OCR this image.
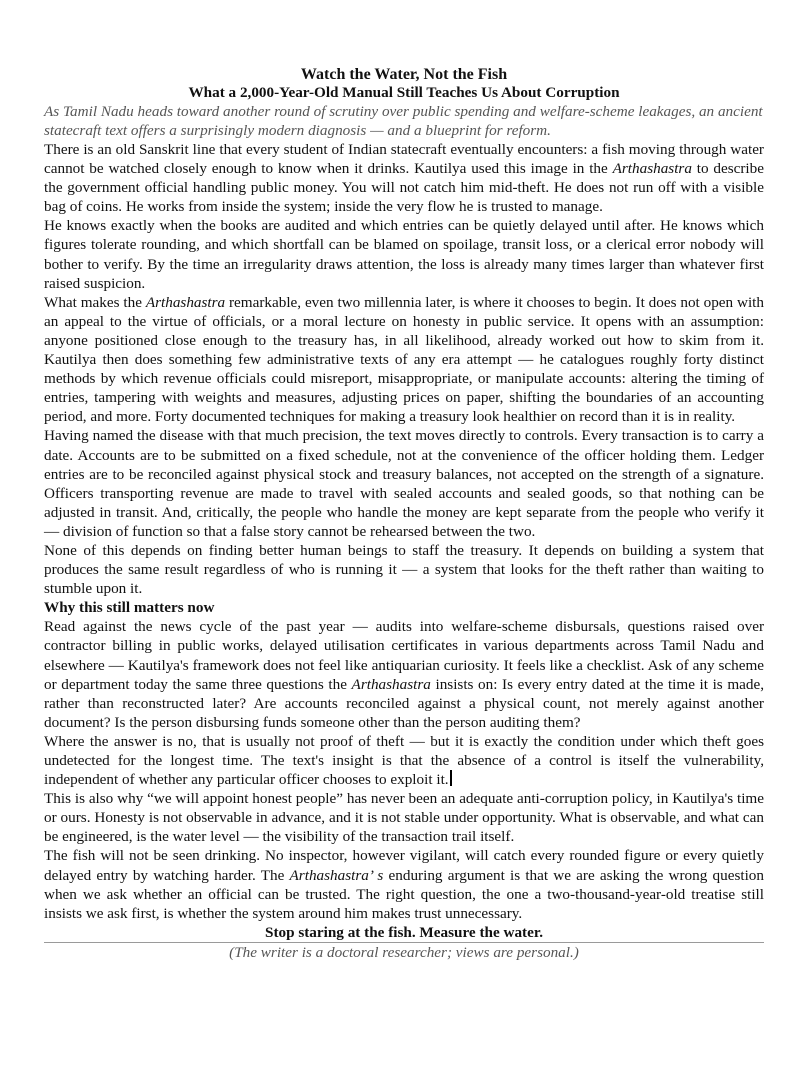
Watch the Water, Not the Fish
What a 2,000-Year-Old Manual Still Teaches Us About Corruption

As Tamil Nadu heads toward another round of scrutiny over public spending and welfare-scheme leakages, an ancient statecraft text offers a surprisingly modern diagnosis — and a blueprint for reform.

There is an old Sanskrit line that every student of Indian statecraft eventually encounters: a fish moving through water cannot be watched closely enough to know when it drinks. Kautilya used this image in the Arthashastra to describe the government official handling public money. You will not catch him mid-theft. He does not run off with a visible bag of coins. He works from inside the system; inside the very flow he is trusted to manage.

He knows exactly when the books are audited and which entries can be quietly delayed until after. He knows which figures tolerate rounding, and which shortfall can be blamed on spoilage, transit loss, or a clerical error nobody will bother to verify. By the time an irregularity draws attention, the loss is already many times larger than whatever first raised suspicion.

What makes the Arthashastra remarkable, even two millennia later, is where it chooses to begin. It does not open with an appeal to the virtue of officials, or a moral lecture on honesty in public service. It opens with an assumption: anyone positioned close enough to the treasury has, in all likelihood, already worked out how to skim from it. Kautilya then does something few administrative texts of any era attempt — he catalogues roughly forty distinct methods by which revenue officials could misreport, misappropriate, or manipulate accounts: altering the timing of entries, tampering with weights and measures, adjusting prices on paper, shifting the boundaries of an accounting period, and more. Forty documented techniques for making a treasury look healthier on record than it is in reality.

Having named the disease with that much precision, the text moves directly to controls. Every transaction is to carry a date. Accounts are to be submitted on a fixed schedule, not at the convenience of the officer holding them. Ledger entries are to be reconciled against physical stock and treasury balances, not accepted on the strength of a signature. Officers transporting revenue are made to travel with sealed accounts and sealed goods, so that nothing can be adjusted in transit. And, critically, the people who handle the money are kept separate from the people who verify it — division of function so that a false story cannot be rehearsed between the two.

None of this depends on finding better human beings to staff the treasury. It depends on building a system that produces the same result regardless of who is running it — a system that looks for the theft rather than waiting to stumble upon it.

Why this still matters now

Read against the news cycle of the past year — audits into welfare-scheme disbursals, questions raised over contractor billing in public works, delayed utilisation certificates in various departments across Tamil Nadu and elsewhere — Kautilya's framework does not feel like antiquarian curiosity. It feels like a checklist. Ask of any scheme or department today the same three questions the Arthashastra insists on: Is every entry dated at the time it is made, rather than reconstructed later? Are accounts reconciled against a physical count, not merely against another document? Is the person disbursing funds someone other than the person auditing them?

Where the answer is no, that is usually not proof of theft — but it is exactly the condition under which theft goes undetected for the longest time. The text's insight is that the absence of a control is itself the vulnerability, independent of whether any particular officer chooses to exploit it.

This is also why “we will appoint honest people” has never been an adequate anti-corruption policy, in Kautilya's time or ours. Honesty is not observable in advance, and it is not stable under opportunity. What is observable, and what can be engineered, is the water level — the visibility of the transaction trail itself.

The fish will not be seen drinking. No inspector, however vigilant, will catch every rounded figure or every quietly delayed entry by watching harder. The Arthashastra’ s enduring argument is that we are asking the wrong question when we ask whether an official can be trusted. The right question, the one a two-thousand-year-old treatise still insists we ask first, is whether the system around him makes trust unnecessary.

Stop staring at the fish. Measure the water.

(The writer is a doctoral researcher; views are personal.)
